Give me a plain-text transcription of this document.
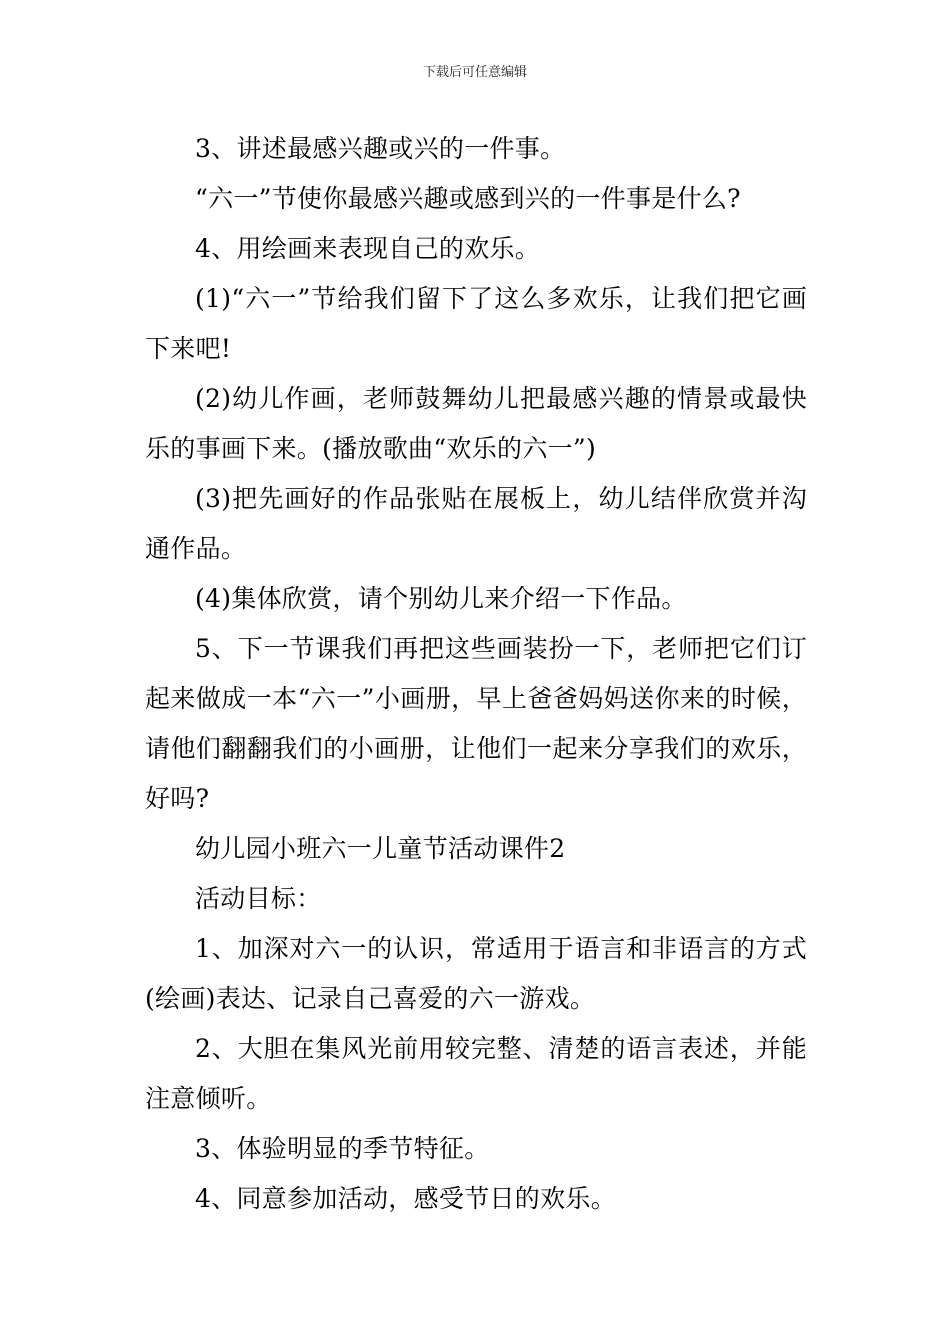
下载后可任意编辑

3、讲述最感兴趣或兴的一件事。

“六一”节使你最感兴趣或感到兴的一件事是什么?

4、用绘画来表现自己的欢乐。

(1)“六一”节给我们留下了这么多欢乐，让我们把它画下来吧!

(2)幼儿作画，老师鼓舞幼儿把最感兴趣的情景或最快乐的事画下来。(播放歌曲“欢乐的六一”)

(3)把先画好的作品张贴在展板上，幼儿结伴欣赏并沟通作品。

(4)集体欣赏，请个别幼儿来介绍一下作品。

5、下一节课我们再把这些画装扮一下，老师把它们订起来做成一本“六一”小画册，早上爸爸妈妈送你来的时候，请他们翻翻我们的小画册，让他们一起来分享我们的欢乐，好吗?

幼儿园小班六一儿童节活动课件2

活动目标：

1、加深对六一的认识，常适用于语言和非语言的方式(绘画)表达、记录自己喜爱的六一游戏。

2、大胆在集风光前用较完整、清楚的语言表述，并能注意倾听。

3、体验明显的季节特征。

4、同意参加活动，感受节日的欢乐。
